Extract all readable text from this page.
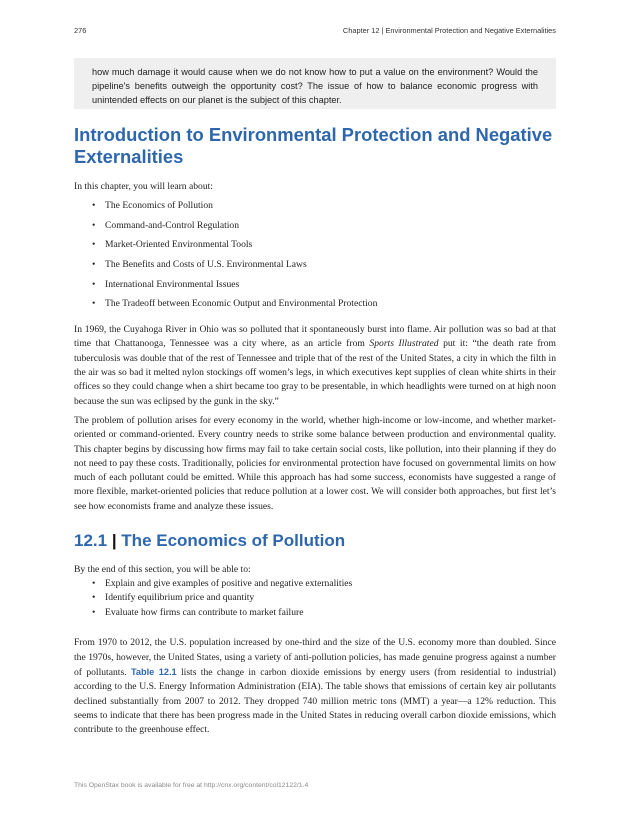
276	Chapter 12 | Environmental Protection and Negative Externalities
how much damage it would cause when we do not know how to put a value on the environment? Would the pipeline's benefits outweigh the opportunity cost? The issue of how to balance economic progress with unintended effects on our planet is the subject of this chapter.
Introduction to Environmental Protection and Negative Externalities

In this chapter, you will learn about:

• The Economics of Pollution
• Command-and-Control Regulation
• Market-Oriented Environmental Tools
• The Benefits and Costs of U.S. Environmental Laws
• International Environmental Issues
• The Tradeoff between Economic Output and Environmental Protection

In 1969, the Cuyahoga River in Ohio was so polluted that it spontaneously burst into flame. Air pollution was so bad at that time that Chattanooga, Tennessee was a city where, as an article from Sports Illustrated put it: “the death rate from tuberculosis was double that of the rest of Tennessee and triple that of the rest of the United States, a city in which the filth in the air was so bad it melted nylon stockings off women’s legs, in which executives kept supplies of clean white shirts in their offices so they could change when a shirt became too gray to be presentable, in which headlights were turned on at high noon because the sun was eclipsed by the gunk in the sky.”

The problem of pollution arises for every economy in the world, whether high-income or low-income, and whether market-oriented or command-oriented. Every country needs to strike some balance between production and environmental quality. This chapter begins by discussing how firms may fail to take certain social costs, like pollution, into their planning if they do not need to pay these costs. Traditionally, policies for environmental protection have focused on governmental limits on how much of each pollutant could be emitted. While this approach has had some success, economists have suggested a range of more flexible, market-oriented policies that reduce pollution at a lower cost. We will consider both approaches, but first let’s see how economists frame and analyze these issues.

12.1 | The Economics of Pollution

By the end of this section, you will be able to:

• Explain and give examples of positive and negative externalities
• Identify equilibrium price and quantity
• Evaluate how firms can contribute to market failure

From 1970 to 2012, the U.S. population increased by one-third and the size of the U.S. economy more than doubled. Since the 1970s, however, the United States, using a variety of anti-pollution policies, has made genuine progress against a number of pollutants. Table 12.1 lists the change in carbon dioxide emissions by energy users (from residential to industrial) according to the U.S. Energy Information Administration (EIA). The table shows that emissions of certain key air pollutants declined substantially from 2007 to 2012. They dropped 740 million metric tons (MMT) a year—a 12% reduction. This seems to indicate that there has been progress made in the United States in reducing overall carbon dioxide emissions, which contribute to the greenhouse effect.

This OpenStax book is available for free at http://cnx.org/content/col12122/1.4
